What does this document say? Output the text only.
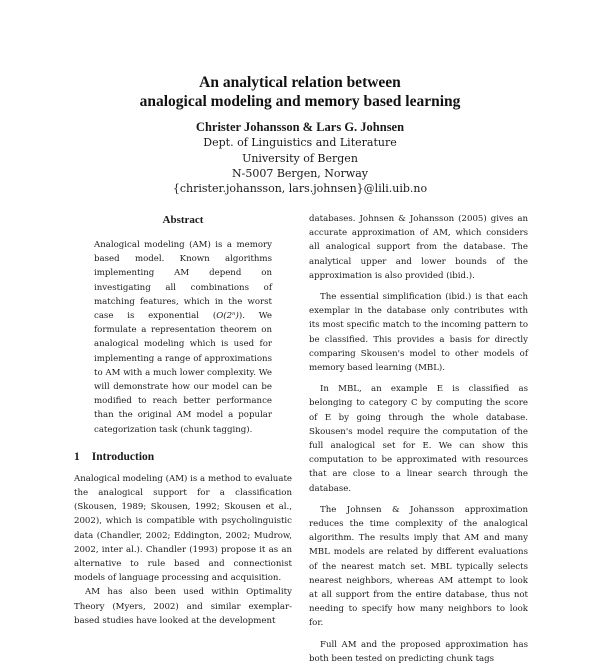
An analytical relation between
analogical modeling and memory based learning
Christer Johansson & Lars G. Johnsen
Dept. of Linguistics and Literature
University of Bergen
N-5007 Bergen, Norway
{christer.johansson, lars.johnsen}@lili.uib.no
Abstract

Analogical modeling (AM) is a memory based model. Known algorithms implementing AM depend on investigating all combinations of matching features, which in the worst case is exponential (O(2ⁿ)). We formulate a representation theorem on analogical modeling which is used for implementing a range of approximations to AM with a much lower complexity. We will demonstrate how our model can be modified to reach better performance than the original AM model a popular categorization task (chunk tagging).

1 Introduction

Analogical modeling (AM) is a method to evaluate the analogical support for a classification (Skousen, 1989; Skousen, 1992; Skousen et al., 2002), which is compatible with psycholinguistic data (Chandler, 2002; Eddington, 2002; Mudrow, 2002, inter al.). Chandler (1993) propose it as an alternative to rule based and connectionist models of language processing and acquisition.

AM has also been used within Optimality Theory (Myers, 2002) and similar exemplar-based studies have looked at the development

databases. Johnsen & Johansson (2005) gives an accurate approximation of AM, which considers all analogical support from the database. The analytical upper and lower bounds of the approximation is also provided (ibid.).

The essential simplification (ibid.) is that each exemplar in the database only contributes with its most specific match to the incoming pattern to be classified. This provides a basis for directly comparing Skousen's model to other models of memory based learning (MBL).

In MBL, an example E is classified as belonging to category C by computing the score of E by going through the whole database. Skousen's model require the computation of the full analogical set for E. We can show this computation to be approximated with resources that are close to a linear search through the database.

The Johnsen & Johansson approximation reduces the time complexity of the analogical algorithm. The results imply that AM and many MBL models are related by different evaluations of the nearest match set. MBL typically selects nearest neighbors, whereas AM attempt to look at all support from the entire database, thus not needing to specify how many neighbors to look for.

Full AM and the proposed approximation has both been tested on predicting chunk tags
